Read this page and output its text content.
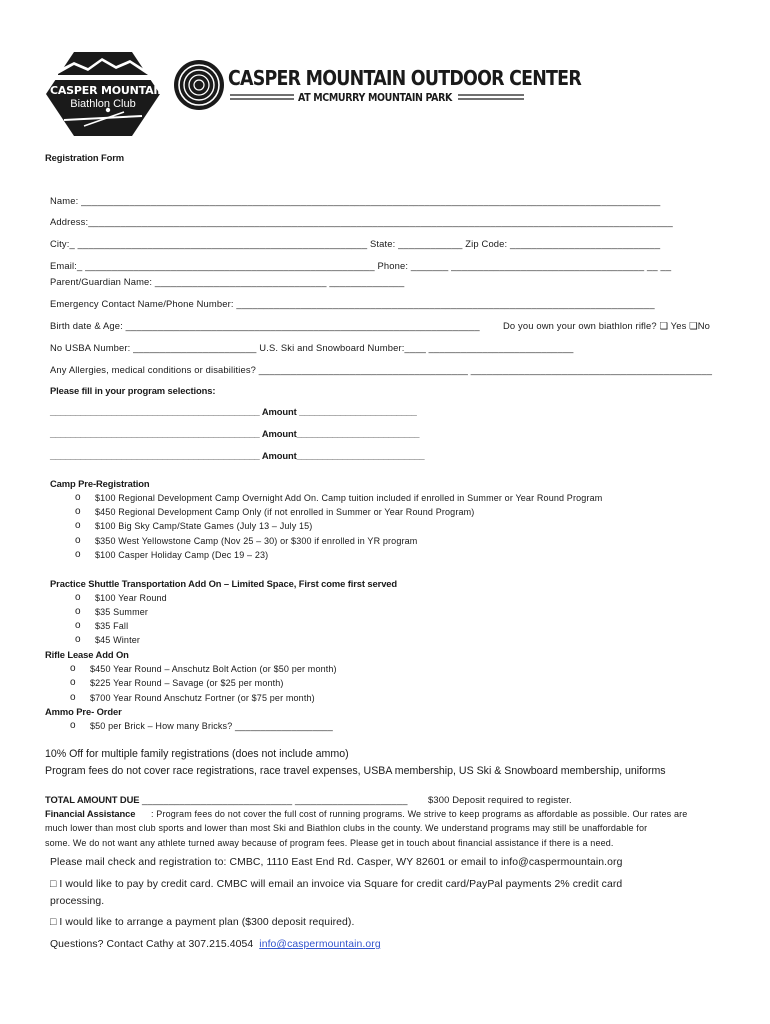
CASPER MOUNTAIN
Biathlon Club
CASPER MOUNTAIN OUTDOOR CENTER
AT MCMURRY MOUNTAIN PARK
Registration Form
Name: ____________________________________________________________________________________________________________
Address:_____________________________________________________________________________________________________________
City:_ ______________________________________________________ State: ____________ Zip Code: ____________________________
Email:_ ______________________________________________________ Phone: _______ ____________________________________ __ __
Parent/Guardian Name: ________________________________ ______________
Emergency Contact Name/Phone Number: ______________________________________________________________________________
Birth date & Age: __________________________________________________________________ Do you own your own biathlon rifle? ❏ Yes ❏No
No USBA Number: _______________________ U.S. Ski and Snowboard Number:____ ___________________________
Any Allergies, medical conditions or disabilities? _______________________________________ _____________________________________________
Please fill in your program selections:
_________________________________________ Amount _______________________
_________________________________________ Amount________________________
_________________________________________ Amount_________________________
Camp Pre-Registration
o $100 Regional Development Camp Overnight Add On. Camp tuition included if enrolled in Summer or Year Round Program
o $450 Regional Development Camp Only (if not enrolled in Summer or Year Round Program)
o $100 Big Sky Camp/State Games (July 13 – July 15)
o $350 West Yellowstone Camp (Nov 25 – 30) or $300 if enrolled in YR program
o $100 Casper Holiday Camp (Dec 19 – 23)
Practice Shuttle Transportation Add On – Limited Space, First come first served
o $100 Year Round
o $35 Summer
o $35 Fall
o $45 Winter
Rifle Lease Add On
o $450 Year Round – Anschutz Bolt Action (or $50 per month)
o $225 Year Round – Savage (or $25 per month)
o $700 Year Round Anschutz Fortner (or $75 per month)
Ammo Pre- Order
o $50 per Brick – How many Bricks? ___________________
10% Off for multiple family registrations (does not include ammo)
Program fees do not cover race registrations, race travel expenses, USBA membership, US Ski & Snowboard membership, uniforms
TOTAL AMOUNT DUE ____________________________ _____________________ $300 Deposit required to register.
Financial Assistance : Program fees do not cover the full cost of running programs. We strive to keep programs as affordable as possible. Our rates are
much lower than most club sports and lower than most Ski and Biathlon clubs in the county. We understand programs may still be unaffordable for
some. We do not want any athlete turned away because of program fees. Please get in touch about financial assistance if there is a need.
Please mail check and registration to: CMBC, 1110 East End Rd. Casper, WY 82601 or email to info@caspermountain.org
□ I would like to pay by credit card. CMBC will email an invoice via Square for credit card/PayPal payments 2% credit card
processing.
□ I would like to arrange a payment plan ($300 deposit required).
Questions? Contact Cathy at 307.215.4054 info@caspermountain.org
